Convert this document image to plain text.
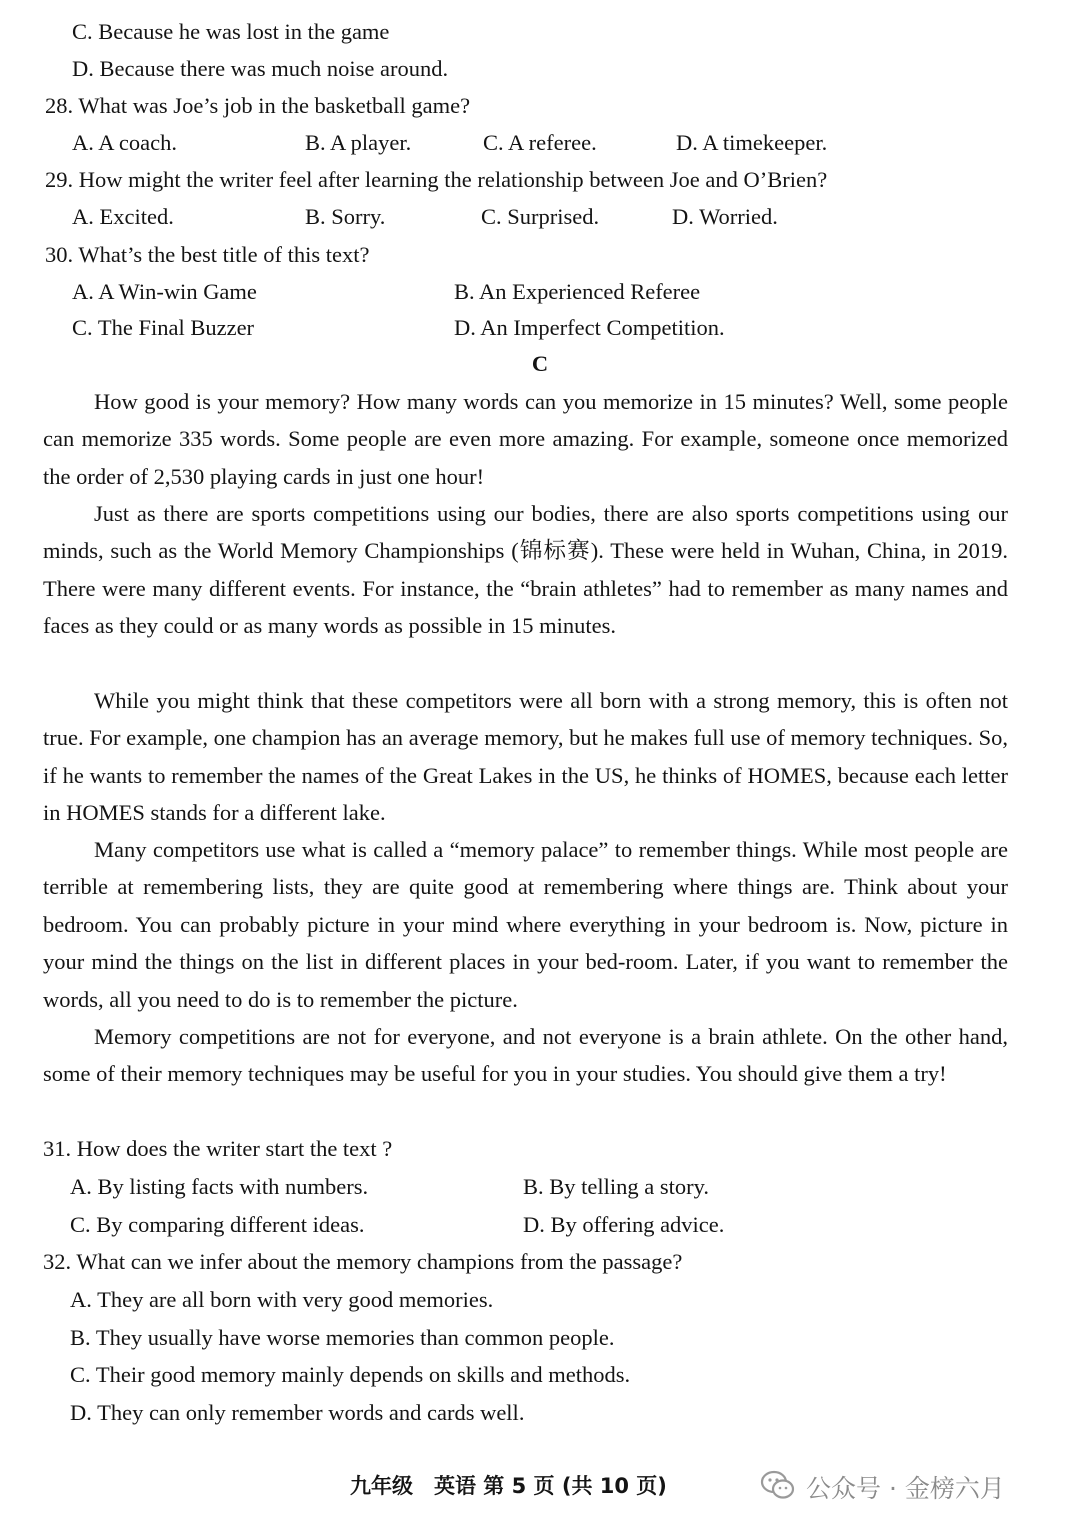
C. Because he was lost in the game
D. Because there was much noise around.
28. What was Joe’s job in the basketball game?
A. A coach.	B. A player.	C. A referee.	D. A timekeeper.
29. How might the writer feel after learning the relationship between Joe and O’Brien?
A. Excited.	B. Sorry.	C. Surprised.	D. Worried.
30. What’s the best title of this text?
A. A Win-win Game	B. An Experienced Referee
C. The Final Buzzer	D. An Imperfect Competition.
C

How good is your memory? How many words can you memorize in 15 minutes? Well, some people can memorize 335 words. Some people are even more amazing. For example, someone once memorized the order of 2,530 playing cards in just one hour!

Just as there are sports competitions using our bodies, there are also sports competitions using our minds, such as the World Memory Championships (锦标赛). These were held in Wuhan, China, in 2019. There were many different events. For instance, the “brain athletes” had to remember as many names and faces as they could or as many words as possible in 15 minutes.

While you might think that these competitors were all born with a strong memory, this is often not true. For example, one champion has an average memory, but he makes full use of memory techniques. So, if he wants to remember the names of the Great Lakes in the US, he thinks of HOMES, because each letter in HOMES stands for a different lake.

Many competitors use what is called a “memory palace” to remember things. While most people are terrible at remembering lists, they are quite good at remembering where things are. Think about your bedroom. You can probably picture in your mind where everything in your bedroom is. Now, picture in your mind the things on the list in different places in your bed-room. Later, if you want to remember the words, all you need to do is to remember the picture.

Memory competitions are not for everyone, and not everyone is a brain athlete. On the other hand, some of their memory techniques may be useful for you in your studies. You should give them a try!

31. How does the writer start the text ?
A. By listing facts with numbers.	B. By telling a story.
C. By comparing different ideas.	D. By offering advice.
32. What can we infer about the memory champions from the passage?
A. They are all born with very good memories.
B. They usually have worse memories than common people.
C. Their good memory mainly depends on skills and methods.
D. They can only remember words and cards well.
九年级　英语 第 5 页 (共 10 页)	公众号 · 金榜六月
